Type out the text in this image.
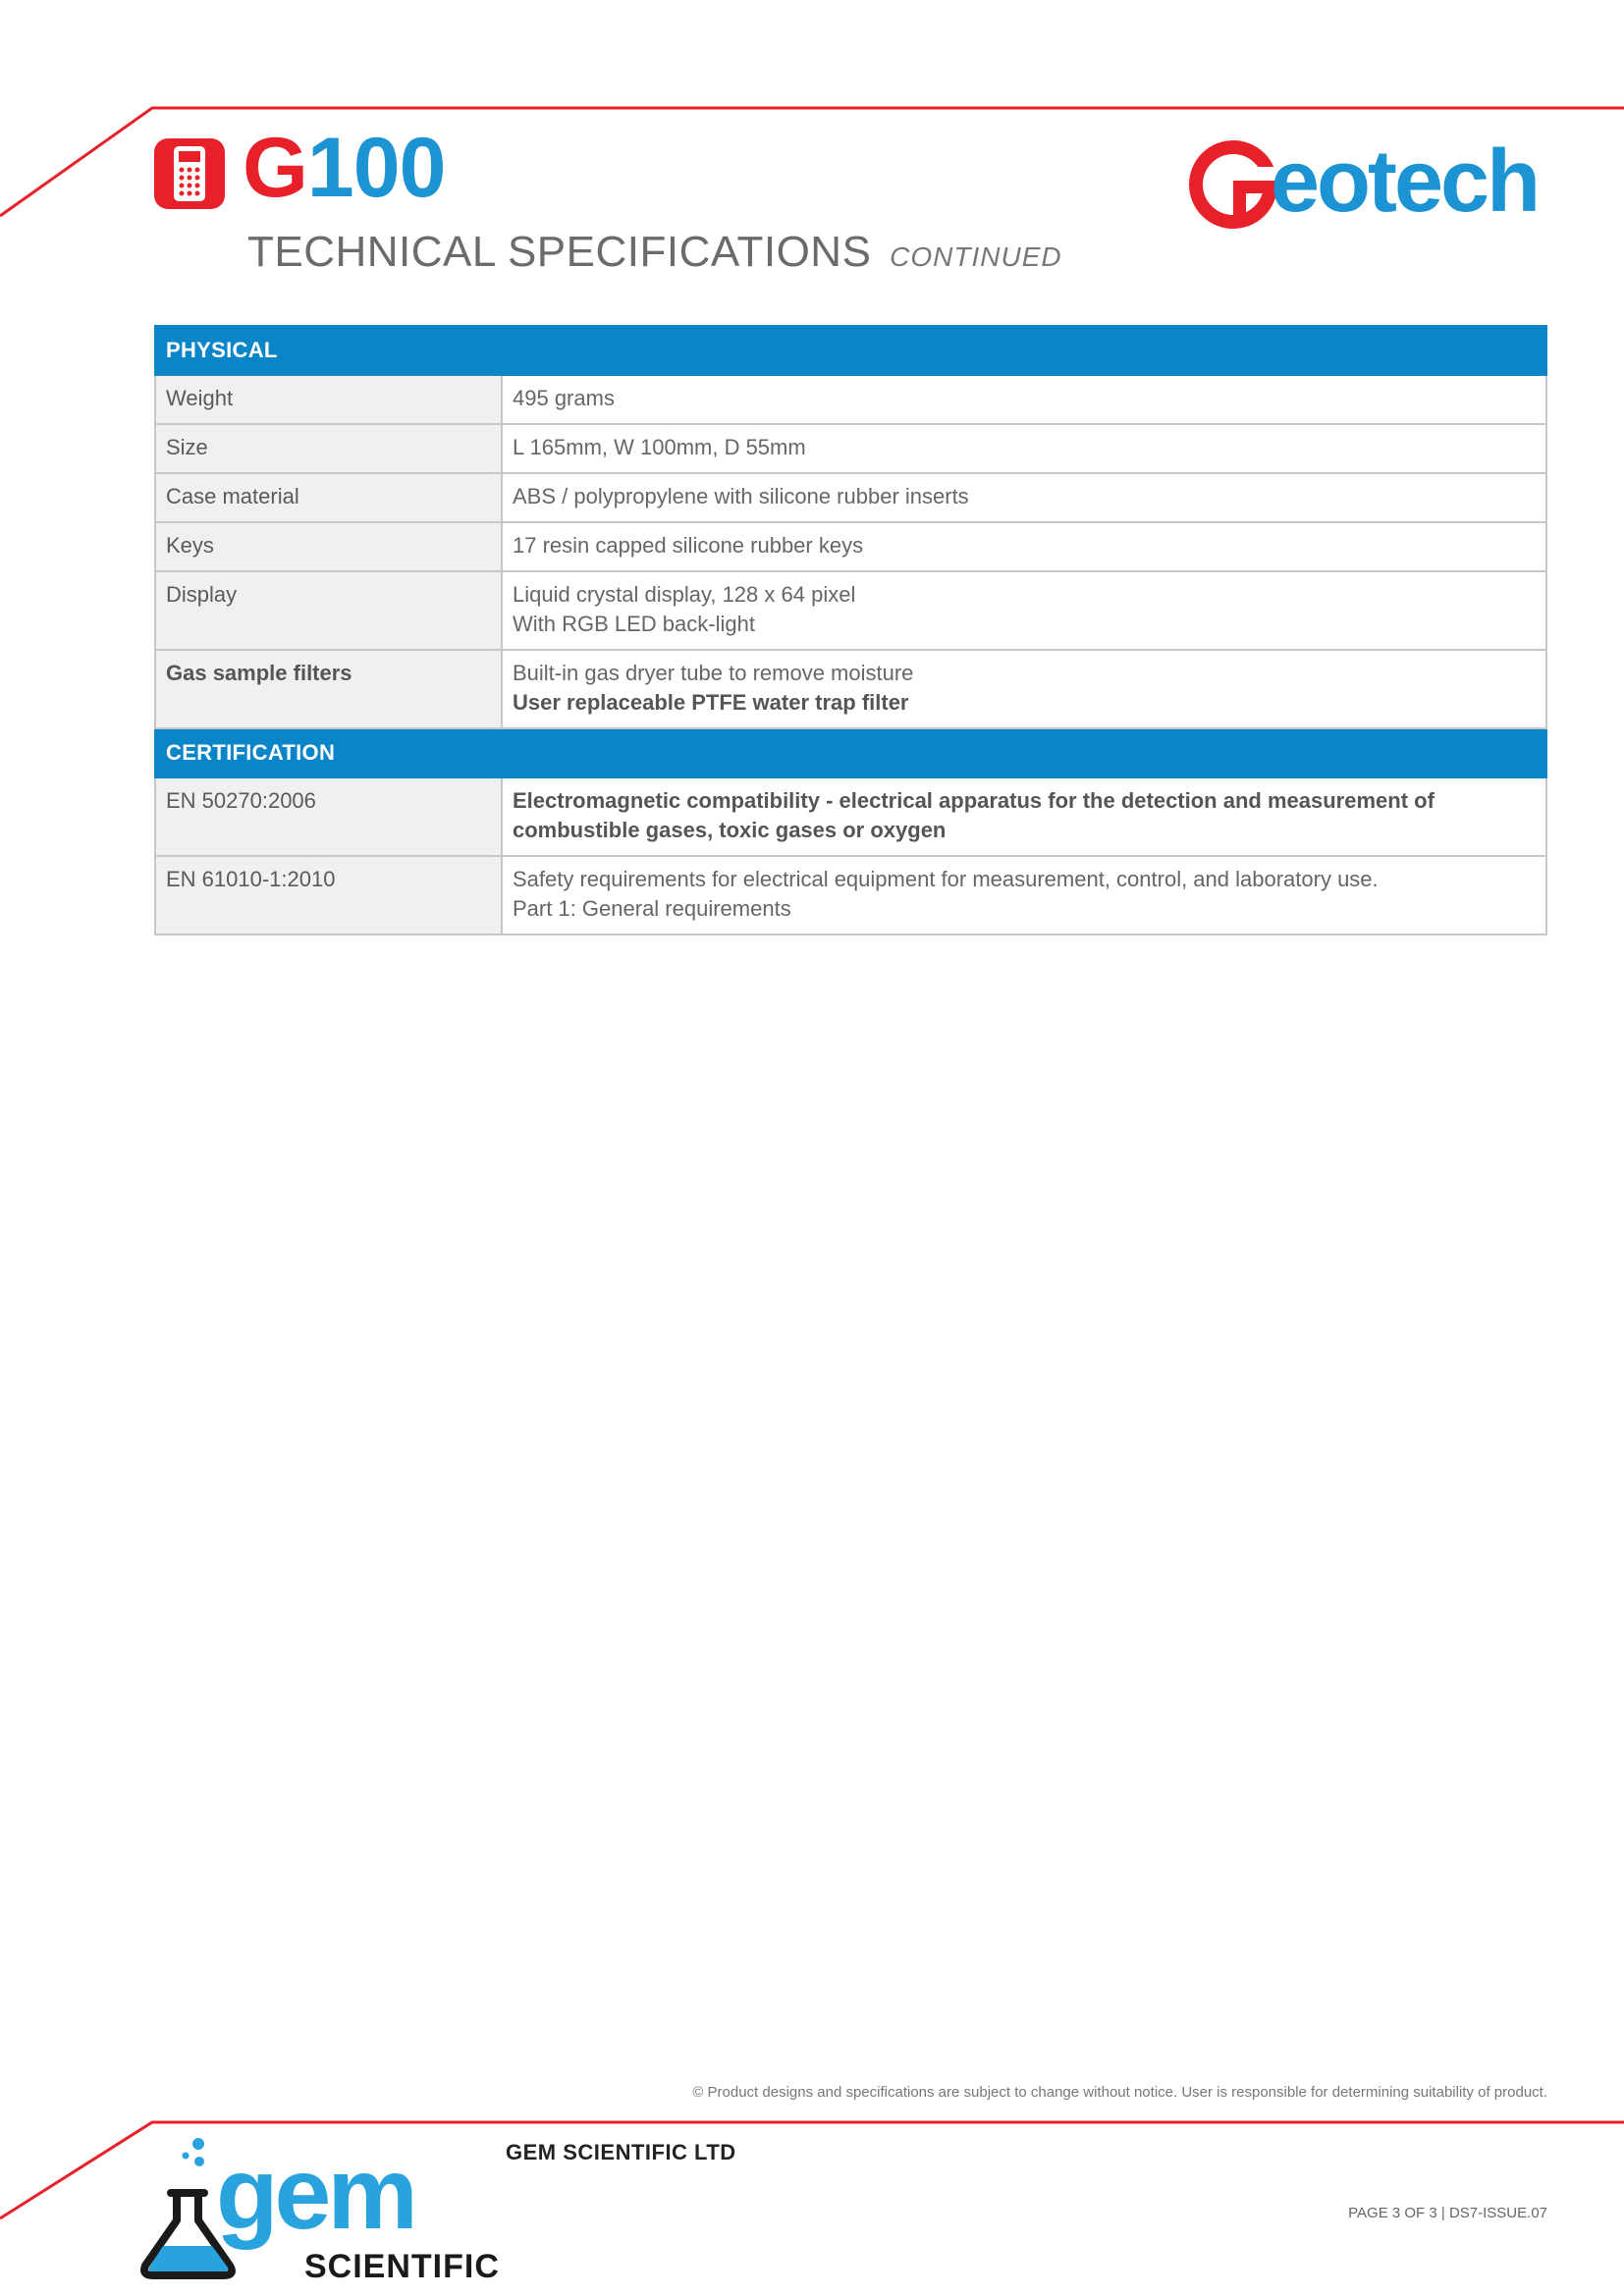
G100
TECHNICAL SPECIFICATIONS CONTINUED
eotech
PHYSICAL	
Weight	495 grams
Size	L 165mm, W 100mm, D 55mm
Case material	ABS / polypropylene with silicone rubber inserts
Keys	17 resin capped silicone rubber keys
Display	Liquid crystal display, 128 x 64 pixel
With RGB LED back-light

Gas sample filters	Built-in gas dryer tube to remove moisture
User replaceable PTFE water trap filter

CERTIFICATION	
EN 50270:2006	Electromagnetic compatibility - electrical apparatus for the detection and measurement of
combustible gases, toxic gases or oxygen

EN 61010-1:2010	Safety requirements for electrical equipment for measurement, control, and laboratory use.
Part 1: General requirements
© Product designs and specifications are subject to change without notice. User is responsible for determining suitability of product.
gem
SCIENTIFIC
GEM SCIENTIFIC LTD
PAGE 3 OF 3 | DS7-ISSUE.07
